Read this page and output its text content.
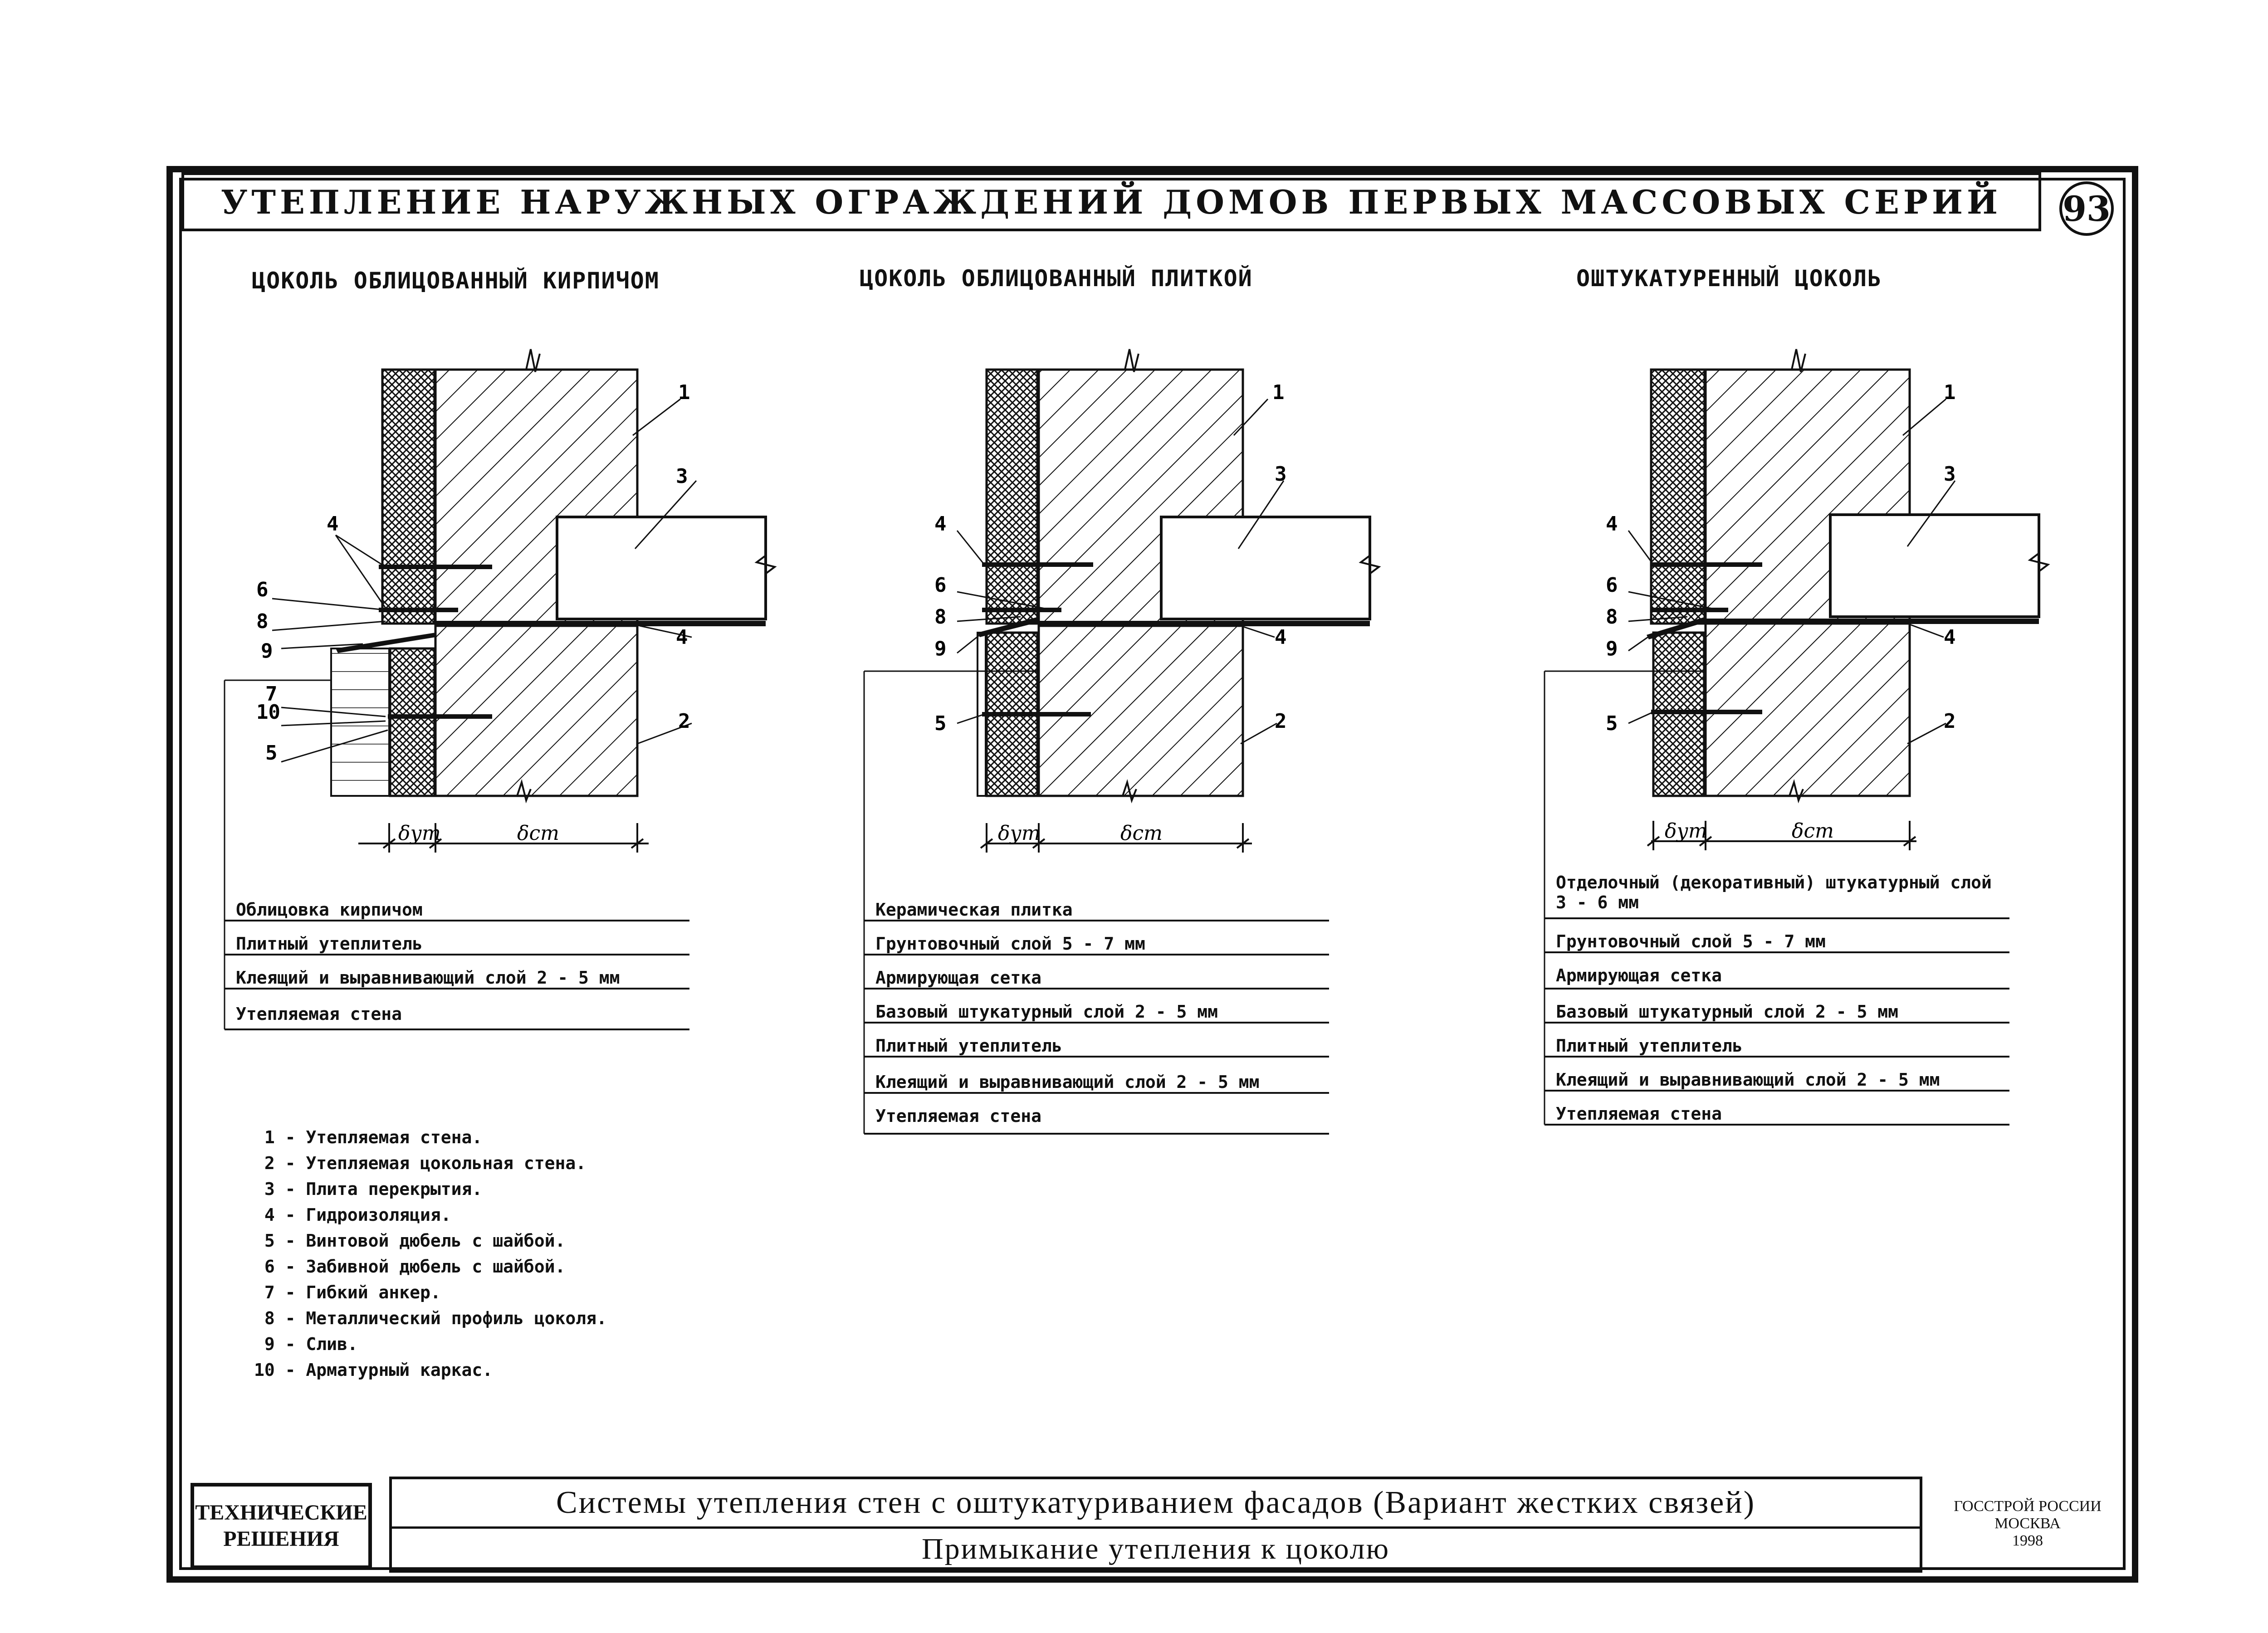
УТЕПЛЕНИЕ НАРУЖНЫХ ОГРАЖДЕНИЙ ДОМОВ ПЕРВЫХ МАССОВЫХ СЕРИЙ 93
ЦОКОЛЬ ОБЛИЦОВАННЫЙ КИРПИЧОМ	ЦОКОЛЬ ОБЛИЦОВАННЫЙ ПЛИТКОЙ	ОШТУКАТУРЕННЫЙ ЦОКОЛЬ
δут	δст
1
2
3
4
4
5
6
7
8
9
10
δут	δст
1
2
3
4
4
5
6
8
9
δут	δст
1
2
3
4
4
5
6
8
9
Облицовка кирпичом
Плитный утеплитель
Клеящий и выравнивающий слой 2 - 5 мм
Утепляемая стена
Керамическая плитка
Грунтовочный слой 5 - 7 мм
Армирующая сетка
Базовый штукатурный слой 2 - 5 мм
Плитный утеплитель
Клеящий и выравнивающий слой 2 - 5 мм
Утепляемая стена
Отделочный (декоративный) штукатурный слой 3 - 6 мм
Грунтовочный слой 5 - 7 мм
Армирующая сетка
Базовый штукатурный слой 2 - 5 мм
Плитный утеплитель
Клеящий и выравнивающий слой 2 - 5 мм
Утепляемая стена
1 - Утепляемая стена.
2 - Утепляемая цокольная стена.
3 - Плита перекрытия.
4 - Гидроизоляция.
5 - Винтовой дюбель с шайбой.
6 - Забивной дюбель с шайбой.
7 - Гибкий анкер.
8 - Металлический профиль цоколя.
9 - Слив.
10 - Арматурный каркас.
ТЕХНИЧЕСКИЕ
РЕШЕНИЯ
Системы утепления стен с оштукатуриванием фасадов (Вариант жестких связей)
Примыкание утепления к цоколю
ГОССТРОЙ РОССИИ
МОСКВА
1998
